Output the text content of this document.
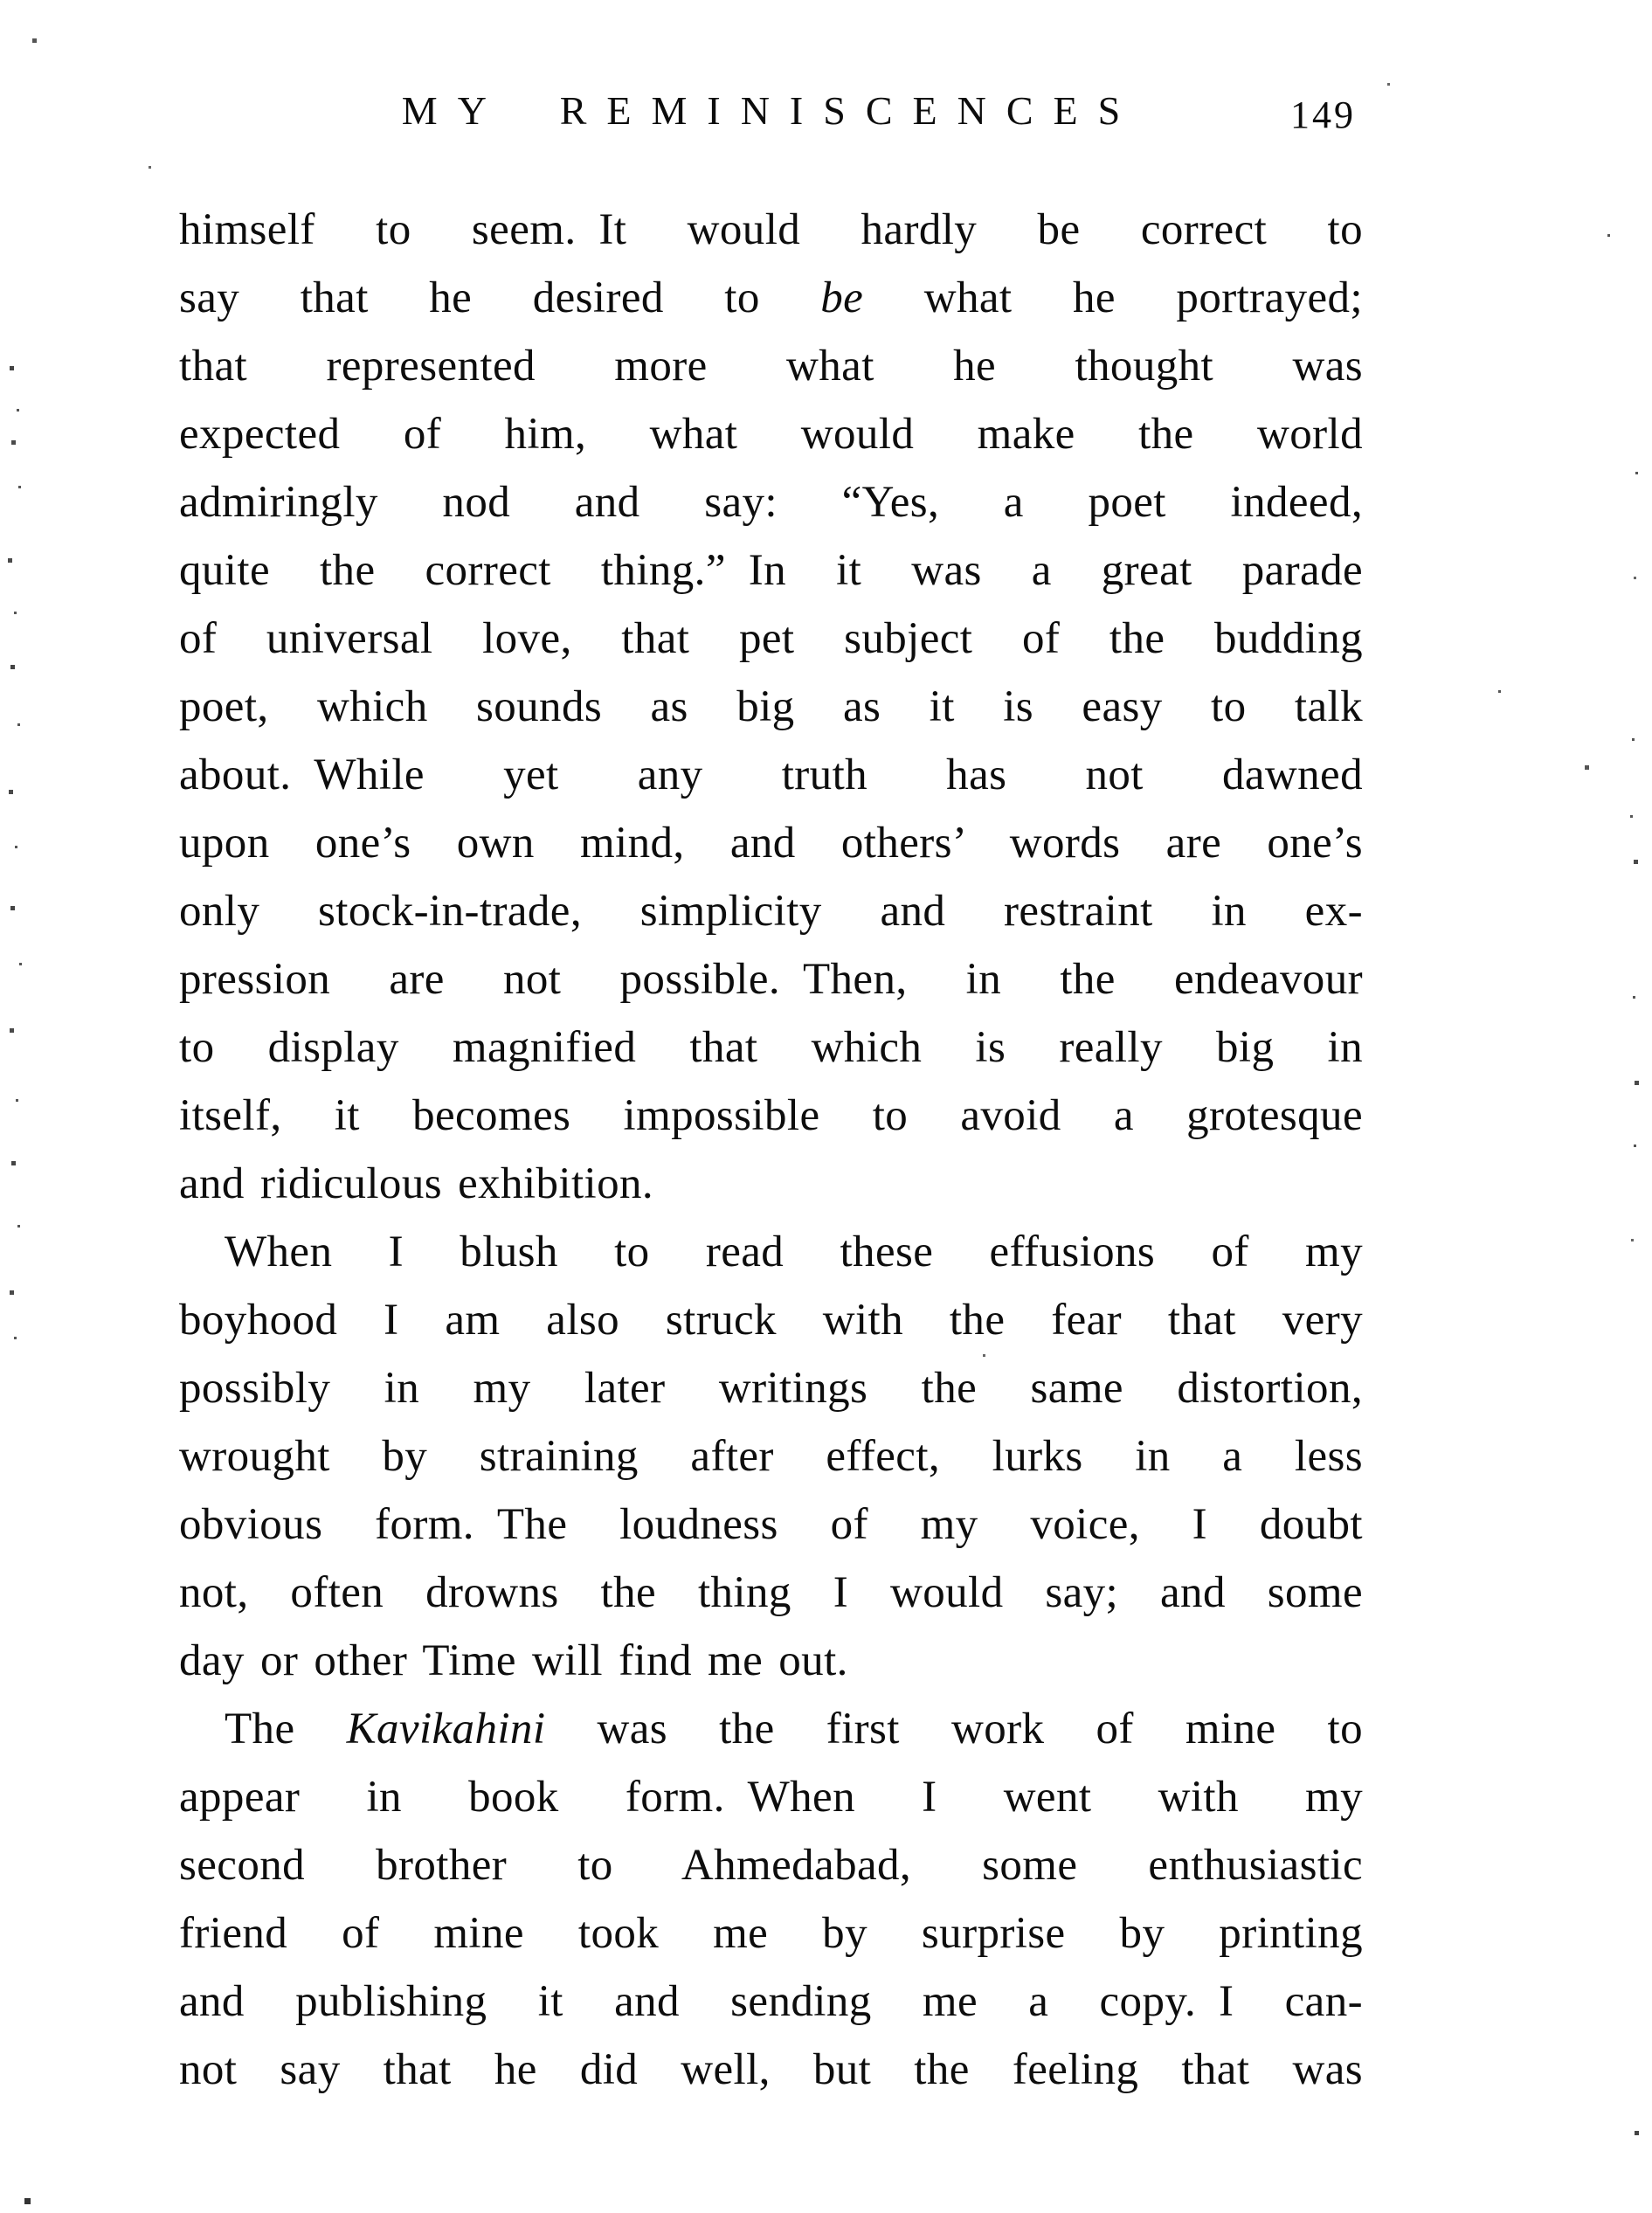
MY REMINISCENCES	149
himself to seem. It would hardly be correct to
say that he desired to be what he portrayed;
that represented more what he thought was
expected of him, what would make the world
admiringly nod and say: “Yes, a poet indeed,
quite the correct thing.” In it was a great parade
of universal love, that pet subject of the budding
poet, which sounds as big as it is easy to talk
about. While yet any truth has not dawned
upon one’s own mind, and others’ words are one’s
only stock-in-trade, simplicity and restraint in ex-
pression are not possible. Then, in the endeavour
to display magnified that which is really big in
itself, it becomes impossible to avoid a grotesque
and ridiculous exhibition.
When I blush to read these effusions of my
boyhood I am also struck with the fear that very
possibly in my later writings the same distortion,
wrought by straining after effect, lurks in a less
obvious form. The loudness of my voice, I doubt
not, often drowns the thing I would say; and some
day or other Time will find me out.
The Kavikahini was the first work of mine to
appear in book form. When I went with my
second brother to Ahmedabad, some enthusiastic
friend of mine took me by surprise by printing
and publishing it and sending me a copy. I can-
not say that he did well, but the feeling that was
